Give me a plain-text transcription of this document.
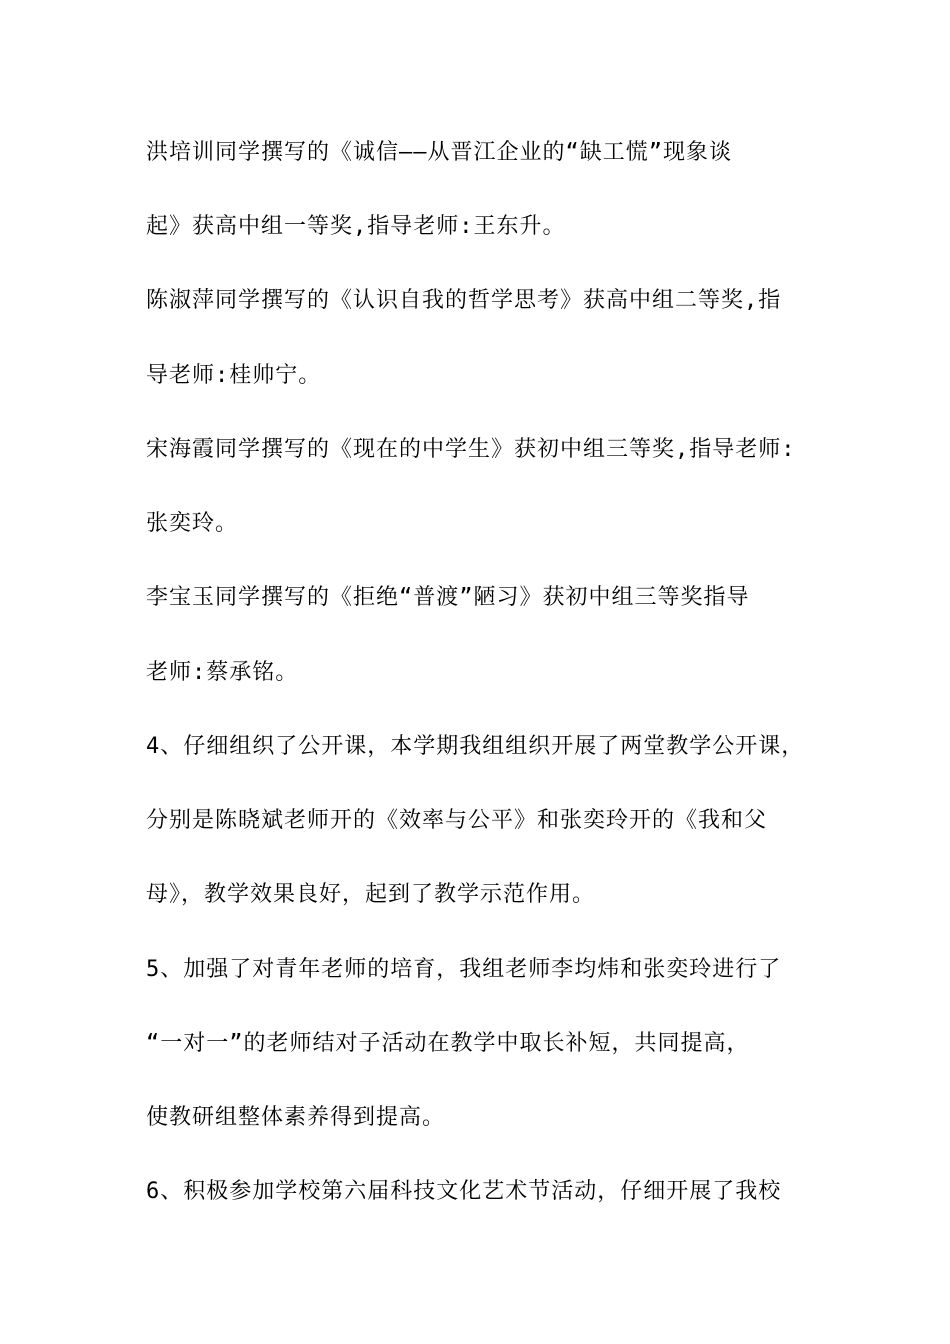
洪培训同学撰写的《诚信——从晋江企业的“缺工慌”现象谈
起》获高中组一等奖,指导老师:王东升。
陈淑萍同学撰写的《认识自我的哲学思考》获高中组二等奖,指
导老师:桂帅宁。
宋海霞同学撰写的《现在的中学生》获初中组三等奖,指导老师:
张奕玲。
李宝玉同学撰写的《拒绝“普渡”陋习》获初中组三等奖指导
老师:蔡承铭。
4、仔细组织了公开课，本学期我组组织开展了两堂教学公开课，
分别是陈晓斌老师开的《效率与公平》和张奕玲开的《我和父
母》，教学效果良好，起到了教学示范作用。
5、加强了对青年老师的培育，我组老师李均炜和张奕玲进行了
“一对一”的老师结对子活动在教学中取长补短，共同提高，
使教研组整体素养得到提高。
6、积极参加学校第六届科技文化艺术节活动，仔细开展了我校
